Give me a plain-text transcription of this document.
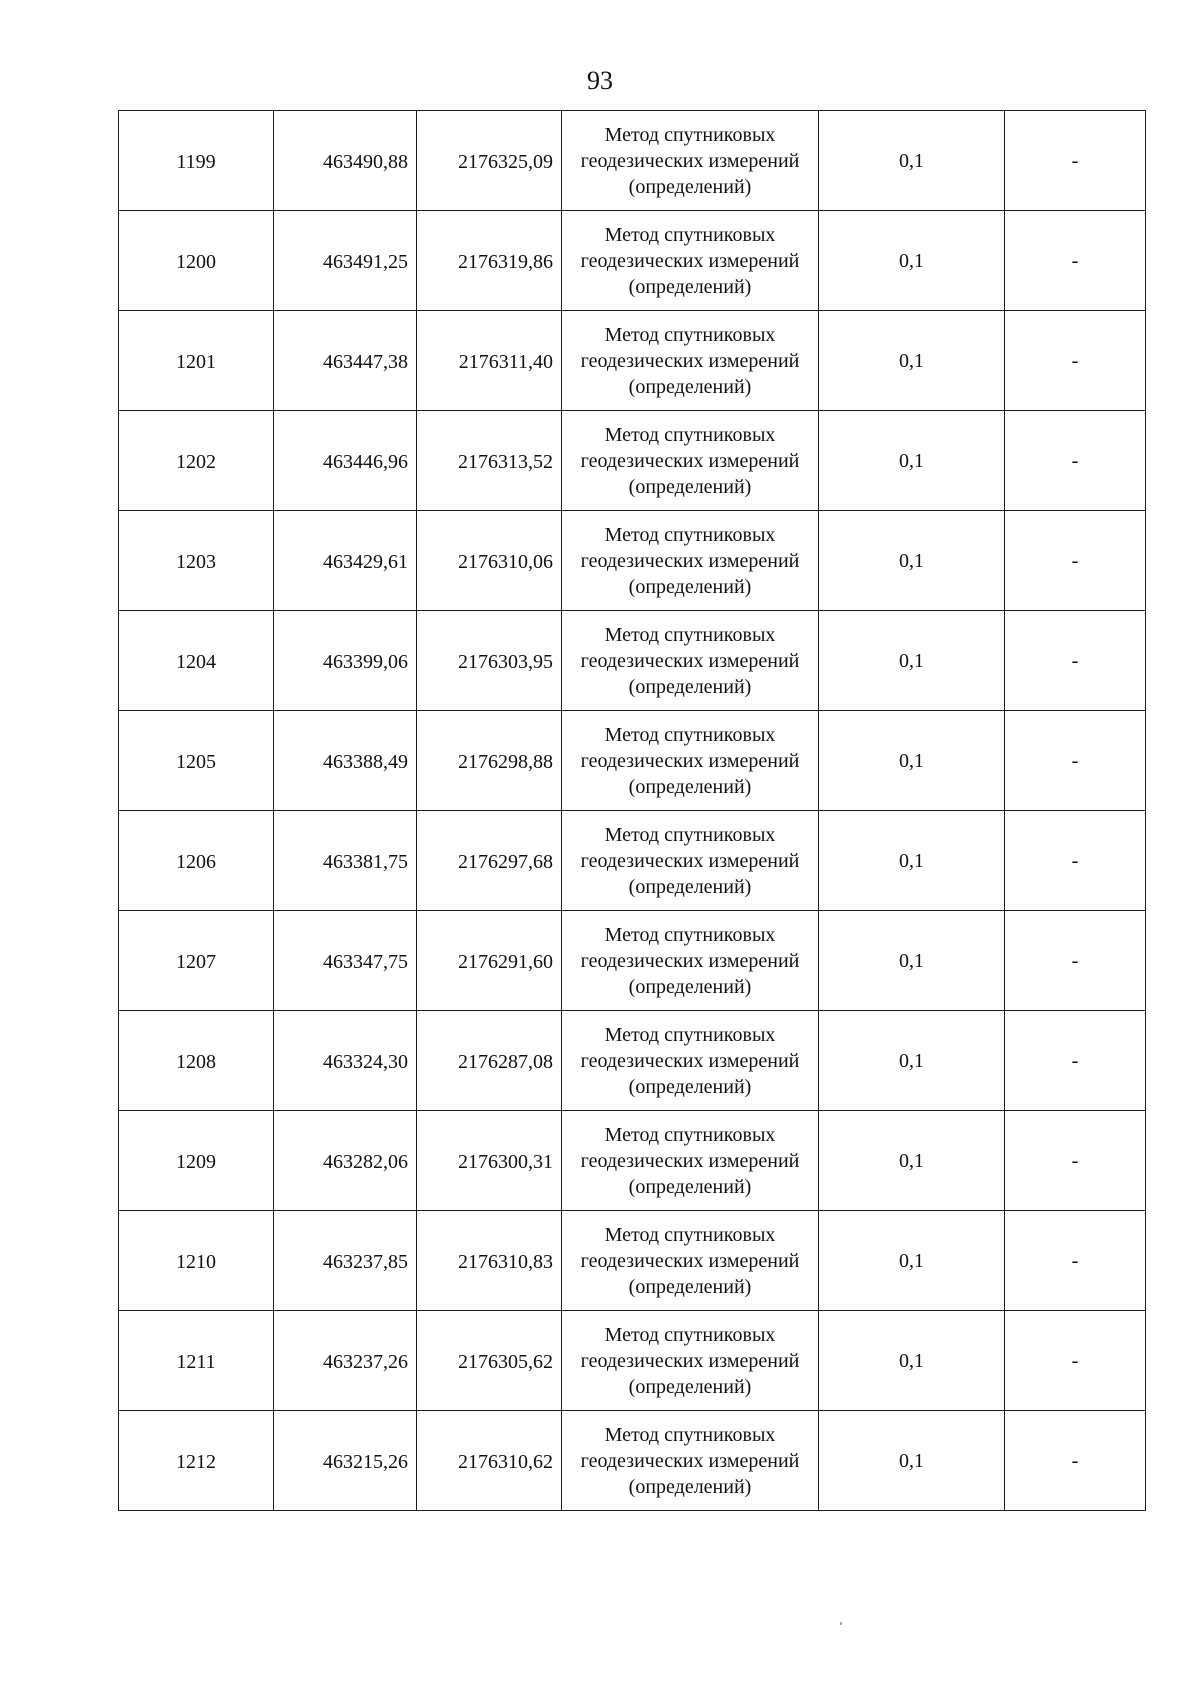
93
1199	463490,88	2176325,09	Метод спутниковых
геодезических измерений
(определений)	0,1	-
1200	463491,25	2176319,86	Метод спутниковых
геодезических измерений
(определений)	0,1	-
1201	463447,38	2176311,40	Метод спутниковых
геодезических измерений
(определений)	0,1	-
1202	463446,96	2176313,52	Метод спутниковых
геодезических измерений
(определений)	0,1	-
1203	463429,61	2176310,06	Метод спутниковых
геодезических измерений
(определений)	0,1	-
1204	463399,06	2176303,95	Метод спутниковых
геодезических измерений
(определений)	0,1	-
1205	463388,49	2176298,88	Метод спутниковых
геодезических измерений
(определений)	0,1	-
1206	463381,75	2176297,68	Метод спутниковых
геодезических измерений
(определений)	0,1	-
1207	463347,75	2176291,60	Метод спутниковых
геодезических измерений
(определений)	0,1	-
1208	463324,30	2176287,08	Метод спутниковых
геодезических измерений
(определений)	0,1	-
1209	463282,06	2176300,31	Метод спутниковых
геодезических измерений
(определений)	0,1	-
1210	463237,85	2176310,83	Метод спутниковых
геодезических измерений
(определений)	0,1	-
1211	463237,26	2176305,62	Метод спутниковых
геодезических измерений
(определений)	0,1	-
1212	463215,26	2176310,62	Метод спутниковых
геодезических измерений
(определений)	0,1	-
